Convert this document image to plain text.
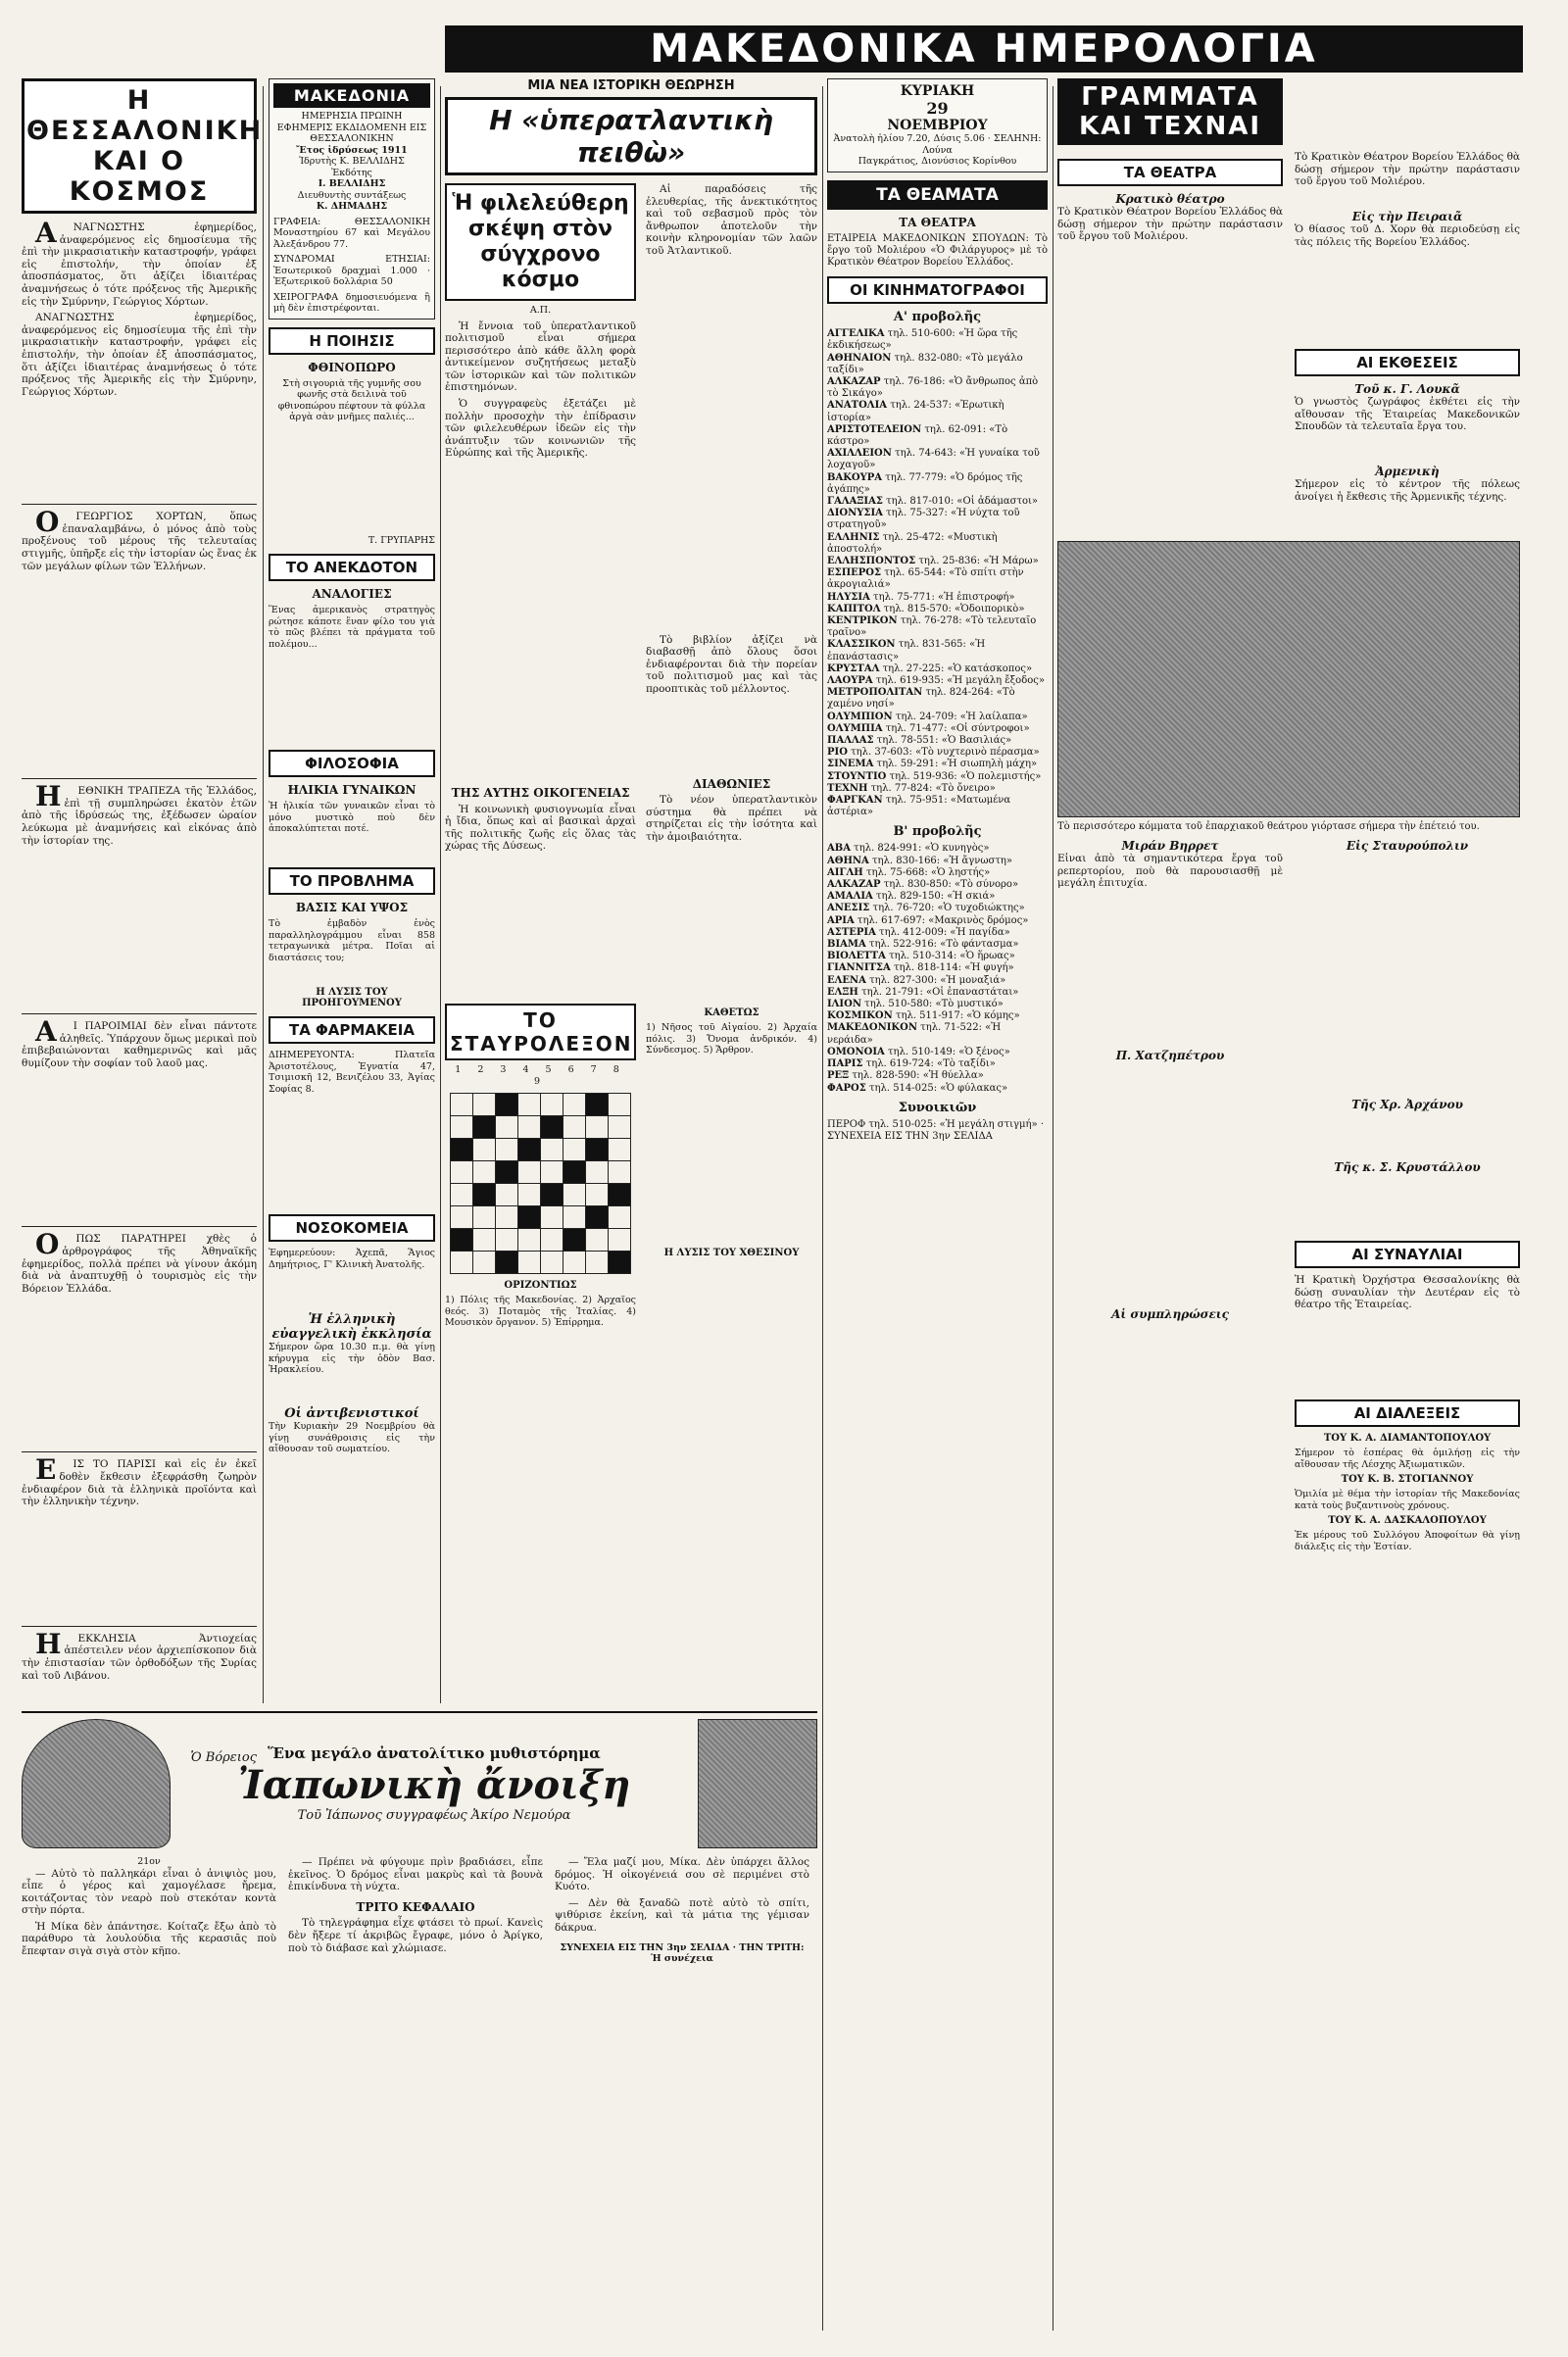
Η ΘΕΣΣΑΛΟΝΙΚΗ ΚΑΙ Ο ΚΟΣΜΟΣ

ΑΝΑΓΝΩΣΤΗΣ ἐφημερίδος, ἀναφερόμενος εἰς δημοσίευμα τῆς ἐπὶ τὴν μικρασιατικὴν καταστροφήν, γράφει εἰς ἐπιστολήν, τὴν ὁποίαν ἐξ ἀποσπάσματος, ὅτι ἀξίζει ἰδιαιτέρας ἀναμνήσεως ὁ τότε πρόξενος τῆς Ἀμερικῆς εἰς τὴν Σμύρνην, Γεώργιος Χόρτων.

ΑΝΑΓΝΩΣΤΗΣ ἐφημερίδος, ἀναφερόμενος εἰς δημοσίευμα τῆς ἐπὶ τὴν μικρασιατικὴν καταστροφήν, γράφει εἰς ἐπιστολήν, τὴν ὁποίαν ἐξ ἀποσπάσματος, ὅτι ἀξίζει ἰδιαιτέρας ἀναμνήσεως ὁ τότε πρόξενος τῆς Ἀμερικῆς εἰς τὴν Σμύρνην, Γεώργιος Χόρτων.

ΟΓΕΩΡΓΙΟΣ ΧΟΡΤΩΝ, ὅπως ἐπαναλαμβάνω, ὁ μόνος ἀπὸ τοὺς προξένους τοῦ μέρους τῆς τελευταίας στιγμῆς, ὑπῆρξε εἰς τὴν ἱστορίαν ὡς ἕνας ἐκ τῶν μεγάλων φίλων τῶν Ἑλλήνων.

ΗΕΘΝΙΚΗ ΤΡΑΠΕΖΑ τῆς Ἑλλάδος, ἐπὶ τῇ συμπληρώσει ἑκατὸν ἐτῶν ἀπὸ τῆς ἱδρύσεώς της, ἐξέδωσεν ὡραίον λεύκωμα μὲ ἀναμνήσεις καὶ εἰκόνας ἀπὸ τὴν ἱστορίαν της.

ΑΙ ΠΑΡΟΙΜΙΑΙ δὲν εἶναι πάντοτε ἀληθεῖς. Ὑπάρχουν ὅμως μερικαὶ ποὺ ἐπιβεβαιώνονται καθημερινῶς καὶ μᾶς θυμίζουν τὴν σοφίαν τοῦ λαοῦ μας.

ΟΠΩΣ ΠΑΡΑΤΗΡΕΙ χθὲς ὁ ἀρθρογράφος τῆς Ἀθηναϊκῆς ἐφημερίδος, πολλὰ πρέπει νὰ γίνουν ἀκόμη διὰ νὰ ἀναπτυχθῇ ὁ τουρισμὸς εἰς τὴν Βόρειον Ἑλλάδα.

ΕΙΣ ΤΟ ΠΑΡΙΣΙ καὶ εἰς ἐν ἐκεῖ δοθὲν ἔκθεσιν ἐξεφράσθη ζωηρὸν ἐνδιαφέρον διὰ τὰ ἑλληνικὰ προϊόντα καὶ τὴν ἑλληνικὴν τέχνην.

ΗΕΚΚΛΗΣΙΑ Ἀντιοχείας ἀπέστειλεν νέον ἀρχιεπίσκοπον διὰ τὴν ἐπιστασίαν τῶν ὀρθοδόξων τῆς Συρίας καὶ τοῦ Λιβάνου.

Ὁ Βόρειος
ΜΑΚΕΔΟΝΙΑ
ΗΜΕΡΗΣΙΑ ΠΡΩΙΝΗ ΕΦΗΜΕΡΙΣ ΕΚΔΙΔΟΜΕΝΗ ΕΙΣ ΘΕΣΣΑΛΟΝΙΚΗΝ
Ἔτος ἱδρύσεως 1911
Ἱδρυτὴς Κ. ΒΕΛΛΙΔΗΣ
Ἐκδότης
Ι. ΒΕΛΛΙΔΗΣ
Διευθυντὴς συντάξεως
Κ. ΔΗΜΑΔΗΣ
ΓΡΑΦΕΙΑ: ΘΕΣΣΑΛΟΝΙΚΗ Μοναστηρίου 67 καὶ Μεγάλου Ἀλεξάνδρου 77.
ΣΥΝΔΡΟΜΑΙ ΕΤΗΣΙΑΙ: Ἐσωτερικοῦ δραχμαὶ 1.000 · Ἐξωτερικοῦ δολλάρια 50
ΧΕΙΡΟΓΡΑΦΑ δημοσιευόμενα ἢ μὴ δὲν ἐπιστρέφονται.
Η ΠΟΙΗΣΙΣ
ΦΘΙΝΟΠΩΡΟ
Στὴ σιγουριὰ τῆς γυμνῆς σου φωνῆς στὰ δειλινὰ τοῦ φθινοπώρου πέφτουν τὰ φύλλα ἀργὰ σὰν μνῆμες παλιές...
Τ. ΓΡΥΠΑΡΗΣ
ΤΟ ΑΝΕΚΔΟΤΟΝ
ΑΝΑΛΟΓΙΕΣ
Ἕνας ἀμερικανὸς στρατηγὸς ρώτησε κάποτε ἕναν φίλο του γιὰ τὸ πῶς βλέπει τὰ πράγματα τοῦ πολέμου...
ΦΙΛΟΣΟΦΙΑ
ΗΛΙΚΙΑ ΓΥΝΑΙΚΩΝ
Ἡ ἡλικία τῶν γυναικῶν εἶναι τὸ μόνο μυστικὸ ποὺ δὲν ἀποκαλύπτεται ποτέ.
ΤΟ ΠΡΟΒΛΗΜΑ
ΒΑΣΙΣ ΚΑΙ ΥΨΟΣ
Τὸ ἐμβαδὸν ἑνὸς παραλληλογράμμου εἶναι 858 τετραγωνικὰ μέτρα. Ποῖαι αἱ διαστάσεις του;
Η ΛΥΣΙΣ ΤΟΥ ΠΡΟΗΓΟΥΜΕΝΟΥ
ΤΑ ΦΑΡΜΑΚΕΙΑ
ΔΙΗΜΕΡΕΥΟΝΤΑ: Πλατεῖα Ἀριστοτέλους, Ἐγνατία 47, Τσιμισκῆ 12, Βενιζέλου 33, Ἁγίας Σοφίας 8.
ΝΟΣΟΚΟΜΕΙΑ
Ἐφημερεύουν: Ἀχεπᾶ, Ἅγιος Δημήτριος, Γ' Κλινικὴ Ἀνατολῆς.
Ἡ ἑλληνικὴ εὐαγγελικὴ ἐκκλησία
Σήμερον ὥρα 10.30 π.μ. θὰ γίνῃ κήρυγμα εἰς τὴν ὁδὸν Βασ. Ἡρακλείου.
Οἱ ἀντιβενιστικοί
Τὴν Κυριακὴν 29 Νοεμβρίου θὰ γίνῃ συνάθροισις εἰς τὴν αἴθουσαν τοῦ σωματείου.
ΜΑΚΕΔΟΝΙΚΑ ΗΜΕΡΟΛΟΓΙΑ
ΜΙΑ ΝΕΑ ΙΣΤΟΡΙΚΗ ΘΕΩΡΗΣΗ
Η «ὑπερατλαντικὴ πειθὼ»
Ἡ φιλελεύθερη σκέψη στὸν σύγχρονο κόσμο
Α.Π.

Ἡ ἔννοια τοῦ ὑπερατλαντικοῦ πολιτισμοῦ εἶναι σήμερα περισσότερο ἀπὸ κάθε ἄλλη φορὰ ἀντικείμενον συζητήσεως μεταξὺ τῶν ἱστορικῶν καὶ τῶν πολιτικῶν ἐπιστημόνων.

Ὁ συγγραφεὺς ἐξετάζει μὲ πολλὴν προσοχὴν τὴν ἐπίδρασιν τῶν φιλελευθέρων ἰδεῶν εἰς τὴν ἀνάπτυξιν τῶν κοινωνιῶν τῆς Εὐρώπης καὶ τῆς Ἀμερικῆς.

ΤΗΣ ΑΥΤΗΣ ΟΙΚΟΓΕΝΕΙΑΣ

Ἡ κοινωνικὴ φυσιογνωμία εἶναι ἡ ἴδια, ὅπως καὶ αἱ βασικαὶ ἀρχαὶ τῆς πολιτικῆς ζωῆς εἰς ὅλας τὰς χώρας τῆς Δύσεως.

Αἱ παραδόσεις τῆς ἐλευθερίας, τῆς ἀνεκτικότητος καὶ τοῦ σεβασμοῦ πρὸς τὸν ἄνθρωπον ἀποτελοῦν τὴν κοινὴν κληρονομίαν τῶν λαῶν τοῦ Ἀτλαντικοῦ.

Τὸ βιβλίον ἀξίζει νὰ διαβασθῇ ἀπὸ ὅλους ὅσοι ἐνδιαφέρονται διὰ τὴν πορείαν τοῦ πολιτισμοῦ μας καὶ τὰς προοπτικὰς τοῦ μέλλοντος.

ΔΙΑΘΩΝΙΕΣ

Τὸ νέον ὑπερατλαντικὸν σύστημα θὰ πρέπει νὰ στηρίζεται εἰς τὴν ἰσότητα καὶ τὴν ἀμοιβαιότητα.

ΤΟ ΣΤΑΥΡΟΛΕΞΟΝ
1 2 3 4 5 6 7 8 9

ΟΡΙΖΟΝΤΙΩΣ
1) Πόλις τῆς Μακεδονίας. 2) Ἀρχαῖος θεός. 3) Ποταμὸς τῆς Ἰταλίας. 4) Μουσικὸν ὄργανον. 5) Ἐπίρρημα.
ΚΑΘΕΤΩΣ
1) Νῆσος τοῦ Αἰγαίου. 2) Ἀρχαία πόλις. 3) Ὄνομα ἀνδρικόν. 4) Σύνδεσμος. 5) Ἄρθρον.
Η ΛΥΣΙΣ ΤΟΥ ΧΘΕΣΙΝΟΥ
ΚΥΡΙΑΚΗ
29
ΝΟΕΜΒΡΙΟΥ
Ἀνατολὴ ἡλίου 7.20, Δύσις 5.06 · ΣΕΛΗΝΗ: Λούνα
Παγκράτιος, Διονύσιος Κορίνθου
ΤΑ ΘΕΑΜΑΤΑ
ΤΑ ΘΕΑΤΡΑ
ΕΤΑΙΡΕΙΑ ΜΑΚΕΔΟΝΙΚΩΝ ΣΠΟΥΔΩΝ: Τὸ ἔργο τοῦ Μολιέρου «Ὁ Φιλάργυρος» μὲ τὸ Κρατικὸν Θέατρον Βορείου Ἑλλάδος.
ΟΙ ΚΙΝΗΜΑΤΟΓΡΑΦΟΙ
Α' προβολῆς
ΑΓΓΕΛΙΚΑ τηλ. 510-600: «Ἡ ὥρα τῆς ἐκδικήσεως»
ΑΘΗΝΑΙΟΝ τηλ. 832-080: «Τὸ μεγάλο ταξίδι»
ΑΛΚΑΖΑΡ τηλ. 76-186: «Ὁ ἄνθρωπος ἀπὸ τὸ Σικάγο»
ΑΝΑΤΟΛΙΑ τηλ. 24-537: «Ἐρωτικὴ ἱστορία»
ΑΡΙΣΤΟΤΕΛΕΙΟΝ τηλ. 62-091: «Τὸ κάστρο»
ΑΧΙΛΛΕΙΟΝ τηλ. 74-643: «Ἡ γυναίκα τοῦ λοχαγοῦ»
ΒΑΚΟΥΡΑ τηλ. 77-779: «Ὁ δρόμος τῆς ἀγάπης»
ΓΑΛΑΞΙΑΣ τηλ. 817-010: «Οἱ ἀδάμαστοι»
ΔΙΟΝΥΣΙΑ τηλ. 75-327: «Ἡ νύχτα τοῦ στρατηγοῦ»
ΕΛΛΗΝΙΣ τηλ. 25-472: «Μυστικὴ ἀποστολή»
ΕΛΛΗΣΠΟΝΤΟΣ τηλ. 25-836: «Ἡ Μάρω»
ΕΣΠΕΡΟΣ τηλ. 65-544: «Τὸ σπίτι στὴν ἀκρογιαλιά»
ΗΛΥΣΙΑ τηλ. 75-771: «Ἡ ἐπιστροφή»
ΚΑΠΙΤΟΛ τηλ. 815-570: «Ὁδοιπορικὸ»
ΚΕΝΤΡΙΚΟΝ τηλ. 76-278: «Τὸ τελευταῖο τραῖνο»
ΚΛΑΣΣΙΚΟΝ τηλ. 831-565: «Ἡ ἐπανάστασις»
ΚΡΥΣΤΑΛ τηλ. 27-225: «Ὁ κατάσκοπος»
ΛΑΟΥΡΑ τηλ. 619-935: «Ἡ μεγάλη ἔξοδος»
ΜΕΤΡΟΠΟΛΙΤΑΝ τηλ. 824-264: «Τὸ χαμένο νησί»
ΟΛΥΜΠΙΟΝ τηλ. 24-709: «Ἡ λαίλαπα»
ΟΛΥΜΠΙΑ τηλ. 71-477: «Οἱ σύντροφοι»
ΠΑΛΛΑΣ τηλ. 78-551: «Ὁ Βασιλιάς»
ΡΙΟ τηλ. 37-603: «Τὸ νυχτερινὸ πέρασμα»
ΣΙΝΕΜΑ τηλ. 59-291: «Ἡ σιωπηλὴ μάχη»
ΣΤΟΥΝΤΙΟ τηλ. 519-936: «Ὁ πολεμιστής»
ΤΕΧΝΗ τηλ. 77-824: «Τὸ ὄνειρο»
ΦΑΡΓΚΑΝ τηλ. 75-951: «Ματωμένα ἀστέρια»
Β' προβολῆς
ΑΒΑ τηλ. 824-991: «Ὁ κυνηγὸς»
ΑΘΗΝΑ τηλ. 830-166: «Ἡ ἄγνωστη»
ΑΙΓΛΗ τηλ. 75-668: «Ὁ ληστής»
ΑΛΚΑΖΑΡ τηλ. 830-850: «Τὸ σύνορο»
ΑΜΑΛΙΑ τηλ. 829-150: «Ἡ σκιά»
ΑΝΕΣΙΣ τηλ. 76-720: «Ὁ τυχοδιώκτης»
ΑΡΙΑ τηλ. 617-697: «Μακρινὸς δρόμος»
ΑΣΤΕΡΙΑ τηλ. 412-009: «Ἡ παγίδα»
ΒΙΑΜΑ τηλ. 522-916: «Τὸ φάντασμα»
ΒΙΟΛΕΤΤΑ τηλ. 510-314: «Ὁ ἥρωας»
ΓΙΑΝΝΙΤΣΑ τηλ. 818-114: «Ἡ φυγή»
ΕΛΕΝΑ τηλ. 827-300: «Ἡ μοναξιά»
ΕΛΞΗ τηλ. 21-791: «Οἱ ἐπαναστάται»
ΙΛΙΟΝ τηλ. 510-580: «Τὸ μυστικό»
ΚΟΣΜΙΚΟΝ τηλ. 511-917: «Ὁ κόμης»
ΜΑΚΕΔΟΝΙΚΟΝ τηλ. 71-522: «Ἡ νεράιδα»
ΟΜΟΝΟΙΑ τηλ. 510-149: «Ὁ ξένος»
ΠΑΡΙΣ τηλ. 619-724: «Τὸ ταξίδι»
ΡΕΞ τηλ. 828-590: «Ἡ θύελλα»
ΦΑΡΟΣ τηλ. 514-025: «Ὁ φύλακας»
Συνοικιῶν
ΠΕΡΟΦ τηλ. 510-025: «Ἡ μεγάλη στιγμή» · ΣΥΝΕΧΕΙΑ ΕΙΣ ΤΗΝ 3ην ΣΕΛΙΔΑ
ΓΡΑΜΜΑΤΑ ΚΑΙ ΤΕΧΝΑΙ
ΤΑ ΘΕΑΤΡΑ
Κρατικὸ θέατρο
Τὸ Κρατικὸν Θέατρον Βορείου Ἑλλάδος θὰ δώσῃ σήμερον τὴν πρώτην παράστασιν τοῦ ἔργου τοῦ Μολιέρου.
Τὸ Κρατικὸν Θέατρον Βορείου Ἑλλάδος θὰ δώσῃ σήμερον τὴν πρώτην παράστασιν τοῦ ἔργου τοῦ Μολιέρου.
Εἰς τὴν Πειραιᾶ
Ὁ θίασος τοῦ Δ. Χορν θὰ περιοδεύσῃ εἰς τὰς πόλεις τῆς Βορείου Ἑλλάδος.
ΑΙ ΕΚΘΕΣΕΙΣ
Τοῦ κ. Γ. Λουκᾶ
Ὁ γνωστὸς ζωγράφος ἐκθέτει εἰς τὴν αἴθουσαν τῆς Ἑταιρείας Μακεδονικῶν Σπουδῶν τὰ τελευταῖα ἔργα του.
Ἀρμενικὴ
Σήμερον εἰς τὸ κέντρον τῆς πόλεως ἀνοίγει ἡ ἔκθεσις τῆς Ἀρμενικῆς τέχνης.
Τὸ περισσότερο κόμματα τοῦ ἐπαρχιακοῦ θεάτρου γιόρτασε σήμερα τὴν ἐπέτειό του.
Μιράν Βηρρετ
Εἶναι ἀπὸ τὰ σημαντικότερα ἔργα τοῦ ρεπερτορίου, ποὺ θὰ παρουσιασθῇ μὲ μεγάλη ἐπιτυχία.
Π. Χατζηπέτρου
Αἱ συμπληρώσεις
Εἰς Σταυρούπολιν
Τῆς Χρ. Ἀρχάνου
Τῆς κ. Σ. Κρυστάλλου
ΑΙ ΣΥΝΑΥΛΙΑΙ
Ἡ Κρατικὴ Ὀρχήστρα Θεσσαλονίκης θὰ δώσῃ συναυλίαν τὴν Δευτέραν εἰς τὸ θέατρο τῆς Ἑταιρείας.
ΑΙ ΔΙΑΛΕΞΕΙΣ
ΤΟΥ Κ. Α. ΔΙΑΜΑΝΤΟΠΟΥΛΟΥ
Σήμερον τὸ ἑσπέρας θὰ ὁμιλήσῃ εἰς τὴν αἴθουσαν τῆς Λέσχης Ἀξιωματικῶν.
ΤΟΥ Κ. Β. ΣΤΟΓΙΑΝΝΟΥ
Ὁμιλία μὲ θέμα τὴν ἱστορίαν τῆς Μακεδονίας κατὰ τοὺς βυζαντινοὺς χρόνους.
ΤΟΥ Κ. Α. ΔΑΣΚΑΛΟΠΟΥΛΟΥ
Ἐκ μέρους τοῦ Συλλόγου Ἀποφοίτων θὰ γίνῃ διάλεξις εἰς τὴν Ἑστίαν.
Ἕνα μεγάλο ἀνατολίτικο μυθιστόρημα
Ἰαπωνικὴ ἄνοιξη
Τοῦ Ἰάπωνος συγγραφέως Ἀκίρο Νεμούρα
21ον

— Αὐτὸ τὸ παλληκάρι εἶναι ὁ ἀνιψιὸς μου, εἶπε ὁ γέρος καὶ χαμογέλασε ἤρεμα, κοιτάζοντας τὸν νεαρὸ ποὺ στεκόταν κοντὰ στὴν πόρτα.

Ἡ Μίκα δὲν ἀπάντησε. Κοίταζε ἔξω ἀπὸ τὸ παράθυρο τὰ λουλούδια τῆς κερασιᾶς ποὺ ἔπεφταν σιγὰ σιγὰ στὸν κῆπο.

— Πρέπει νὰ φύγουμε πρὶν βραδιάσει, εἶπε ἐκεῖνος. Ὁ δρόμος εἶναι μακρὺς καὶ τὰ βουνὰ ἐπικίνδυνα τὴ νύχτα.

ΤΡΙΤΟ ΚΕΦΑΛΑΙΟ

Τὸ τηλεγράφημα εἶχε φτάσει τὸ πρωί. Κανεὶς δὲν ἤξερε τί ἀκριβῶς ἔγραφε, μόνο ὁ Ἀρίγκο, ποὺ τὸ διάβασε καὶ χλώμιασε.

— Ἔλα μαζί μου, Μίκα. Δὲν ὑπάρχει ἄλλος δρόμος. Ἡ οἰκογένειά σου σὲ περιμένει στὸ Κυότο.

— Δὲν θὰ ξαναδῶ ποτὲ αὐτὸ τὸ σπίτι, ψιθύρισε ἐκείνη, καὶ τὰ μάτια της γέμισαν δάκρυα.

ΣΥΝΕΧΕΙΑ ΕΙΣ ΤΗΝ 3ην ΣΕΛΙΔΑ · ΤΗΝ ΤΡΙΤΗ: Ἡ συνέχεια
